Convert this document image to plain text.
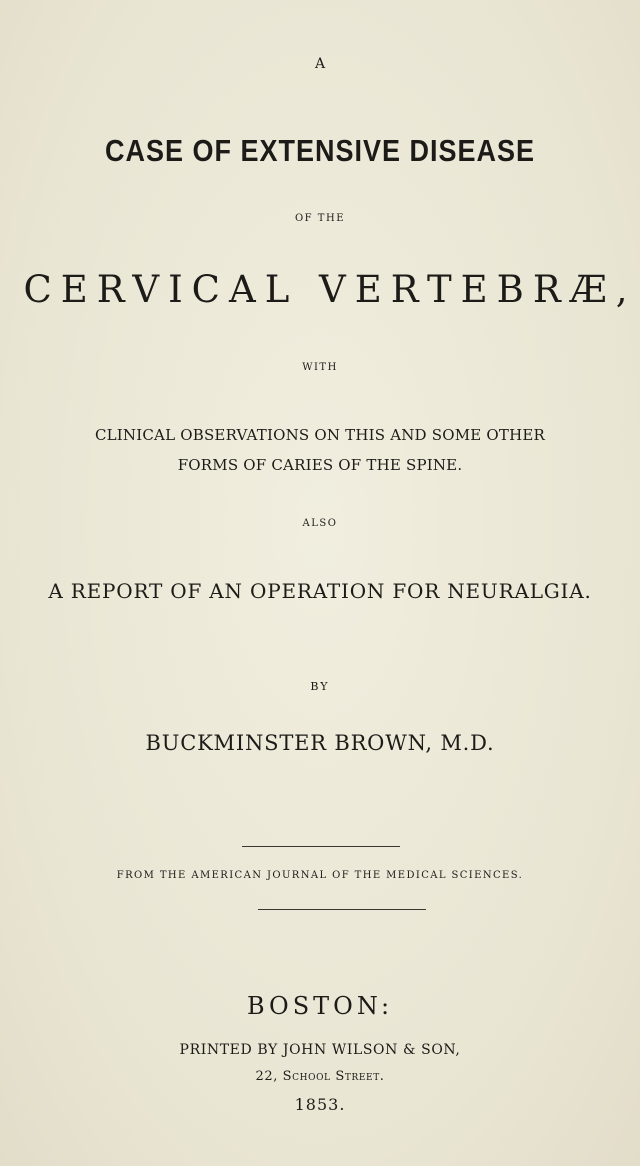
A
CASE OF EXTENSIVE DISEASE
OF THE
CERVICAL VERTEBRÆ,
WITH
CLINICAL OBSERVATIONS ON THIS AND SOME OTHER
FORMS OF CARIES OF THE SPINE.
ALSO
A REPORT OF AN OPERATION FOR NEURALGIA.
BY
BUCKMINSTER BROWN, M.D.
FROM THE AMERICAN JOURNAL OF THE MEDICAL SCIENCES.
BOSTON:
PRINTED BY JOHN WILSON & SON,
22, School Street.
1853.
